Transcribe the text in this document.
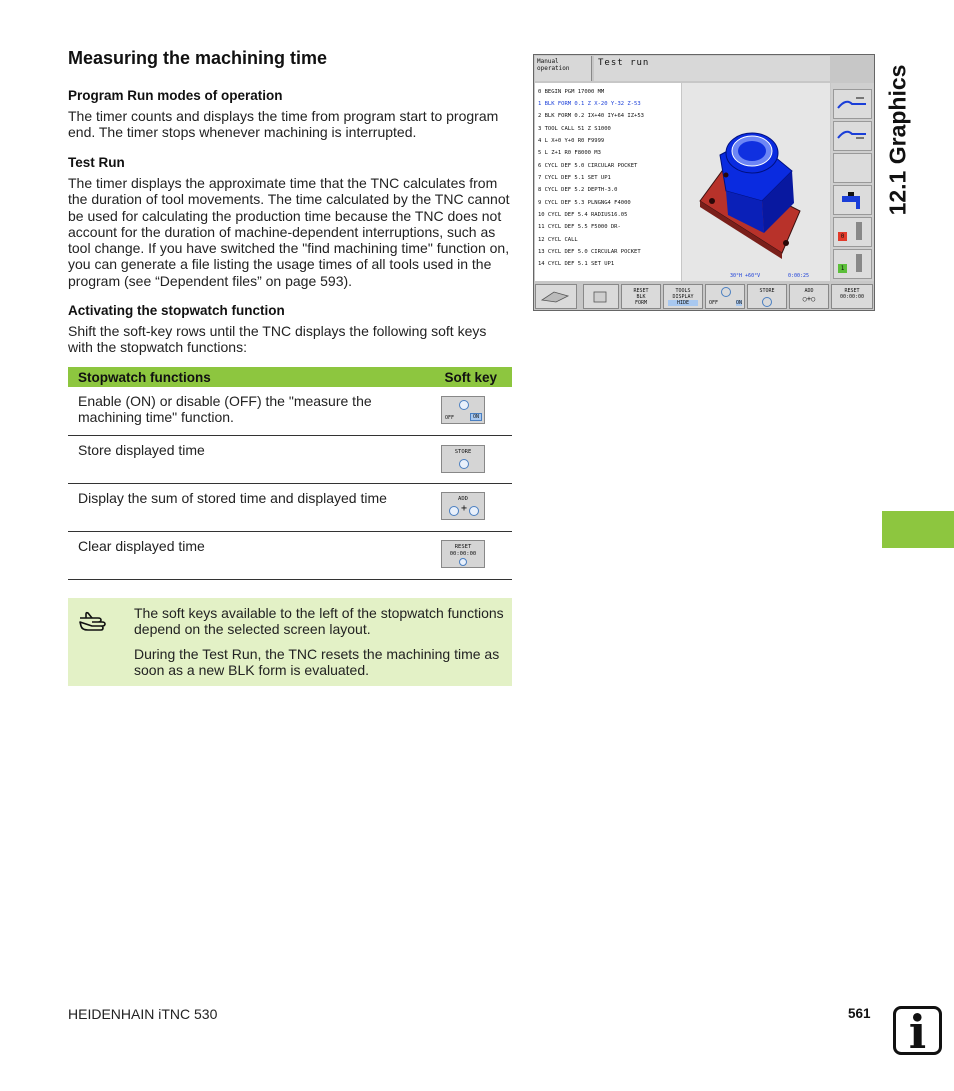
Measuring the machining time
Program Run modes of operation

The timer counts and displays the time from program start to program end. The timer stops whenever machining is interrupted.

Test Run

The timer displays the approximate time that the TNC calculates from the duration of tool movements. The time calculated by the TNC cannot be used for calculating the production time because the TNC does not account for the duration of machine-dependent interruptions, such as tool change. If you have switched the "find machining time" function on, you can generate a file listing the usage times of all tools used in the program (see “Dependent files” on page 593).

Activating the stopwatch function

Shift the soft-key rows until the TNC displays the following soft keys with the stopwatch functions:

Stopwatch functions	Soft key
Enable (ON) or disable (OFF) the "measure the machining time" function.	OFF	ON
Store displayed time	STORE
Display the sum of stored time and displayed time	ADD
+
Clear displayed time	RESET
00:00:00

The soft keys available to the left of the stopwatch functions depend on the selected screen layout.

During the Test Run, the TNC resets the machining time as soon as a new BLK form is evaluated.

Manual
operation
Test run
0 BEGIN PGM 17000 MM
1 BLK FORM 0.1 Z X-20 Y-32 Z-53
2 BLK FORM 0.2 IX+40 IY+64 IZ+53
3 TOOL CALL 51 Z S1000
4 L X+0 Y+0 R0 F9999
5 L Z+1 R0 F8000 M3
6 CYCL DEF 5.0 CIRCULAR POCKET
7 CYCL DEF 5.1 SET UP1
8 CYCL DEF 5.2 DEPTH-3.0
9 CYCL DEF 5.3 PLNGNG4 F4000
10 CYCL DEF 5.4 RADIUS16.05
11 CYCL DEF 5.5 F5000 DR-
12 CYCL CALL
13 CYCL DEF 5.0 CIRCULAR POCKET
14 CYCL DEF 5.1 SET UP1
30°H +60°V	0:00:25
0
1
RESET
BLK
FORM
TOOLS
DISPLAY
HIDE	OFF	ON
STORE	ADD
○+○
RESET
00:00:00
12.1 Graphics
HEIDENHAIN iTNC 530	561 i
